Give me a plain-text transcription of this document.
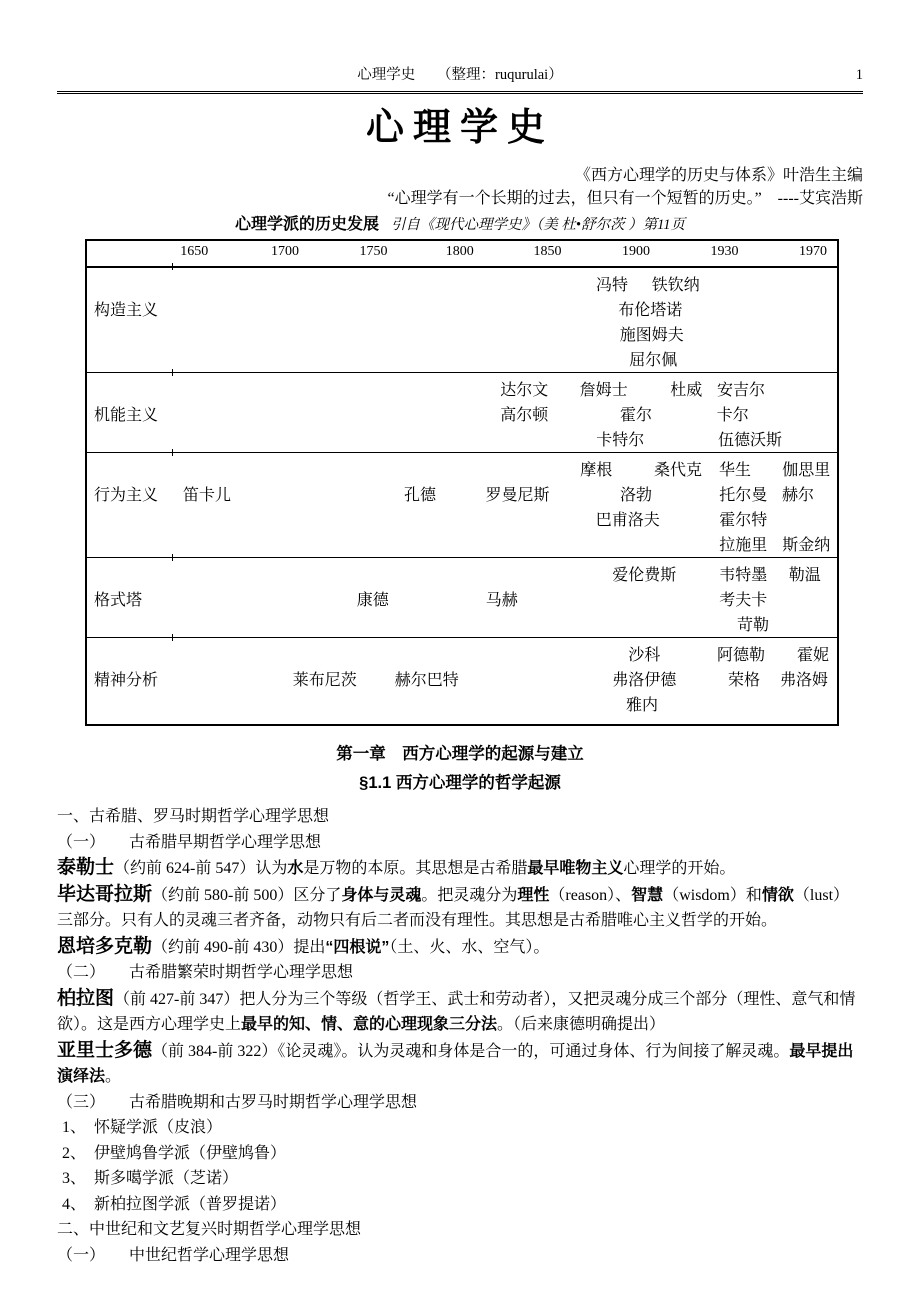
心理学史　　（整理：ruqurulai）	1
心理学史
《西方心理学的历史与体系》叶浩生主编
“心理学有一个长期的过去，但只有一个短暂的历史。”　----艾宾浩斯
心理学派的历史发展 引自《现代心理学史》（美 杜•舒尔茨 ）第11页
1650	1700	1750	1800	1850	1900	1930	1970
构造主义
冯特 铁钦纳
布伦塔诺
施图姆夫
屈尔佩
机能主义
达尔文 詹姆士	杜威 安吉尔
高尔顿	霍尔	卡尔
卡特尔	伍德沃斯
行为主义
摩根	桑代克 华生 伽思里
笛卡儿	孔德	罗曼尼斯	洛勃	托尔曼 赫尔
巴甫洛夫	霍尔特
拉施里 斯金纳
格式塔
爱伦费斯	韦特墨 勒温
康德	马赫	考夫卡
苛勒
精神分析
沙科	阿德勒 霍妮
莱布尼茨 赫尔巴特	弗洛伊德	荣格 弗洛姆
雅内
第一章　西方心理学的起源与建立
§1.1 西方心理学的哲学起源
一、古希腊、罗马时期哲学心理学思想
（一）　　古希腊早期哲学心理学思想
泰勒士（约前 624-前 547）认为水是万物的本原。其思想是古希腊最早唯物主义心理学的开始。
毕达哥拉斯（约前 580-前 500）区分了身体与灵魂。把灵魂分为理性（reason）、智慧（wisdom）和情欲（lust）三部分。只有人的灵魂三者齐备，动物只有后二者而没有理性。其思想是古希腊唯心主义哲学的开始。
恩培多克勒（约前 490-前 430）提出“四根说”（土、火、水、空气）。
（二）　　古希腊繁荣时期哲学心理学思想
柏拉图（前 427-前 347）把人分为三个等级（哲学王、武士和劳动者），又把灵魂分成三个部分（理性、意气和情欲）。这是西方心理学史上最早的知、情、意的心理现象三分法。（后来康德明确提出）
亚里士多德（前 384-前 322）《论灵魂》。认为灵魂和身体是合一的，可通过身体、行为间接了解灵魂。最早提出演绎法。
（三）　　古希腊晚期和古罗马时期哲学心理学思想
1、　怀疑学派（皮浪）
2、　伊壁鸠鲁学派（伊壁鸠鲁）
3、　斯多噶学派（芝诺）
4、　新柏拉图学派（普罗提诺）
二、中世纪和文艺复兴时期哲学心理学思想
（一）　　中世纪哲学心理学思想
